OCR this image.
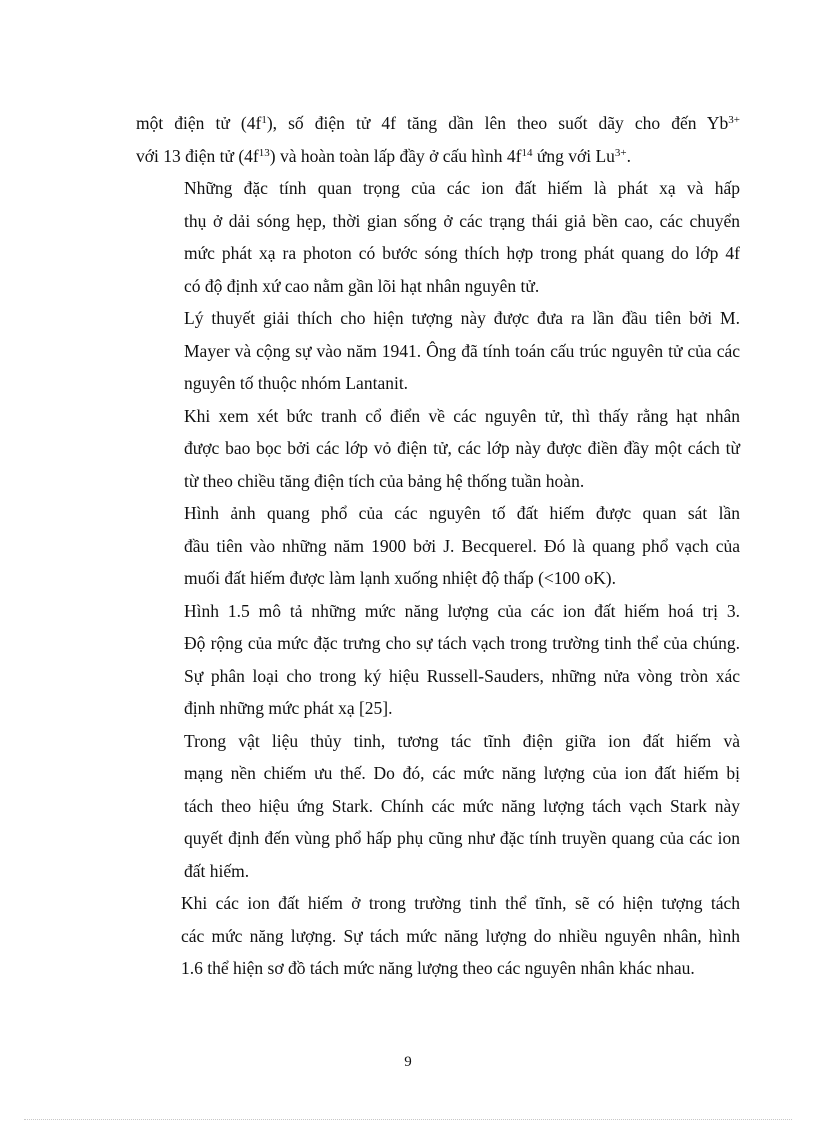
một điện tử $(4f^1)$, số điện tử 4f tăng dần lên theo suốt dãy cho đến $Yb^{3+}$
với 13 điện tử $(4f^{13})$ và hoàn toàn lấp đầy ở cấu hình $4f^{14}$ ứng với $Lu^{3+}$.

Những đặc tính quan trọng của các ion đất hiếm là phát xạ và hấp
thụ ở dải sóng hẹp, thời gian sống ở các trạng thái giả bền cao, các chuyển
mức phát xạ ra photon có bước sóng thích hợp trong phát quang do lớp 4f
có độ định xứ cao nằm gần lõi hạt nhân nguyên tử.

Lý thuyết giải thích cho hiện tượng này được đưa ra lần đầu tiên bởi M.
Mayer và cộng sự vào năm 1941. Ông đã tính toán cấu trúc nguyên tử của các
nguyên tố thuộc nhóm Lantanit.

Khi xem xét bức tranh cổ điển về các nguyên tử, thì thấy rằng hạt nhân
được bao bọc bởi các lớp vỏ điện tử, các lớp này được điền đầy một cách từ
từ theo chiều tăng điện tích của bảng hệ thống tuần hoàn.

Hình ảnh quang phổ của các nguyên tố đất hiếm được quan sát lần
đầu tiên vào những năm 1900 bởi J. Becquerel. Đó là quang phổ vạch của
muối đất hiếm được làm lạnh xuống nhiệt độ thấp (<100 oK).

Hình 1.5 mô tả những mức năng lượng của các ion đất hiếm hoá trị 3.
Độ rộng của mức đặc trưng cho sự tách vạch trong trường tinh thể của chúng.
Sự phân loại cho trong ký hiệu Russell-Sauders, những nửa vòng tròn xác
định những mức phát xạ [25].

Trong vật liệu thủy tinh, tương tác tĩnh điện giữa ion đất hiếm và
mạng nền chiếm ưu thế. Do đó, các mức năng lượng của ion đất hiếm bị
tách theo hiệu ứng Stark. Chính các mức năng lượng tách vạch Stark này
quyết định đến vùng phổ hấp phụ cũng như đặc tính truyền quang của các ion
đất hiếm.

Khi các ion đất hiếm ở trong trường tinh thể tĩnh, sẽ có hiện tượng tách
các mức năng lượng. Sự tách mức năng lượng do nhiều nguyên nhân, hình
1.6 thể hiện sơ đồ tách mức năng lượng theo các nguyên nhân khác nhau.

9
